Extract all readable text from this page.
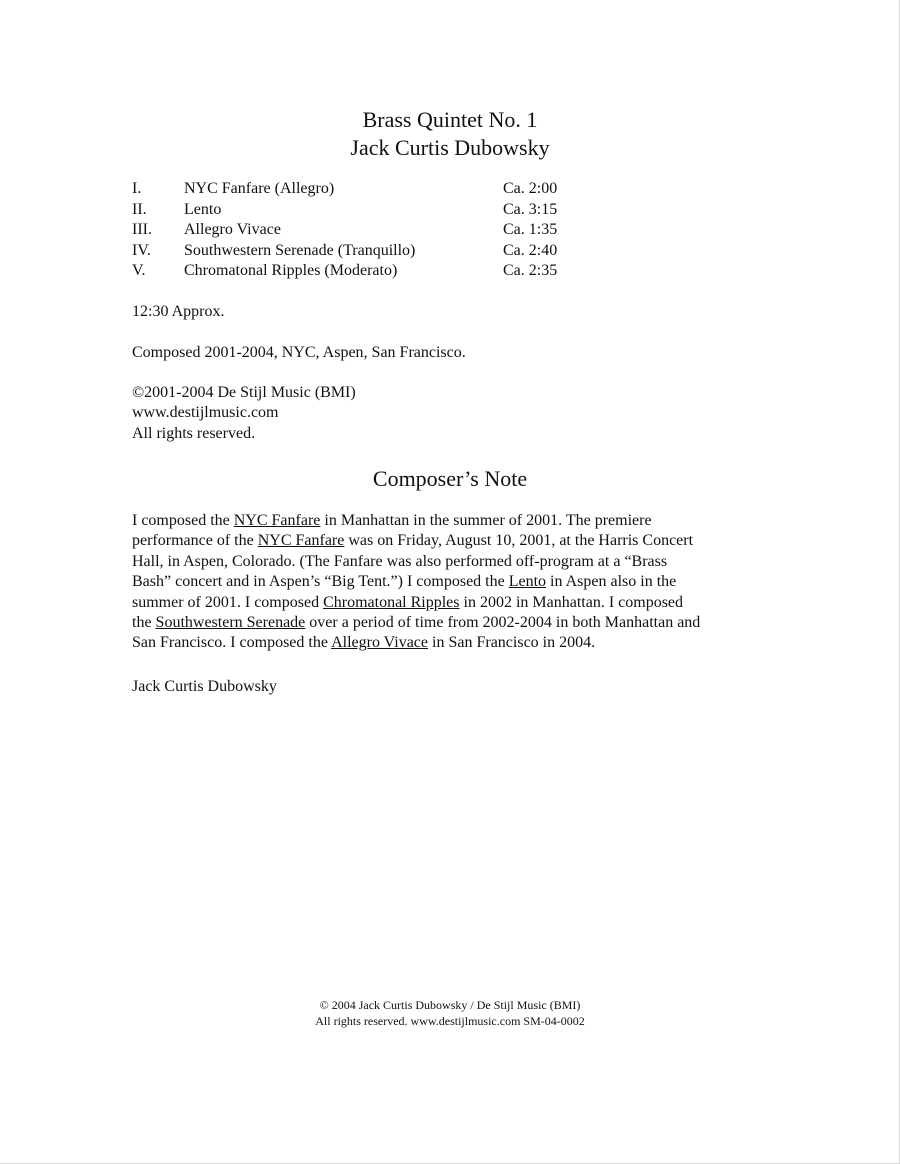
Brass Quintet No. 1
Jack Curtis Dubowsky
I.	NYC Fanfare (Allegro)	Ca. 2:00
II. Lento	Ca. 3:15
III. Allegro Vivace	Ca. 1:35
IV. Southwestern Serenade (Tranquillo)	Ca. 2:40
V. Chromatonal Ripples (Moderato)	Ca. 2:35
12:30 Approx.
Composed 2001-2004, NYC, Aspen, San Francisco.
©2001-2004 De Stijl Music (BMI)
www.destijlmusic.com
All rights reserved.
Composer’s Note
I composed the NYC Fanfare in Manhattan in the summer of 2001. The premiere
performance of the NYC Fanfare was on Friday, August 10, 2001, at the Harris Concert
Hall, in Aspen, Colorado. (The Fanfare was also performed off-program at a “Brass
Bash” concert and in Aspen’s “Big Tent.”) I composed the Lento in Aspen also in the
summer of 2001. I composed Chromatonal Ripples in 2002 in Manhattan. I composed
the Southwestern Serenade over a period of time from 2002-2004 in both Manhattan and
San Francisco. I composed the Allegro Vivace in San Francisco in 2004.
Jack Curtis Dubowsky
© 2004 Jack Curtis Dubowsky / De Stijl Music (BMI)
All rights reserved. www.destijlmusic.com SM-04-0002
